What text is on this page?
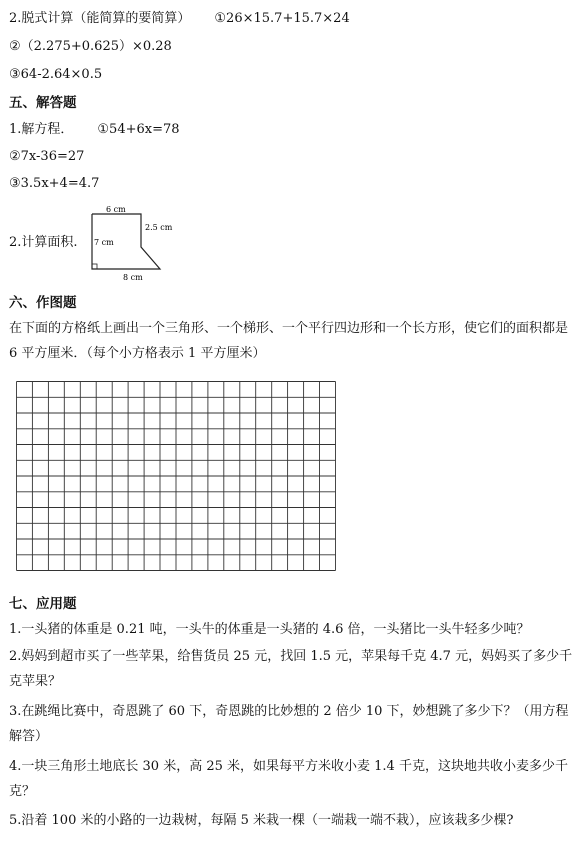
2.脱式计算（能简算的要简算） ①26×15.7+15.7×24
②（2.275+0.625）×0.28
③64-2.64×0.5
五、解答题
1.解方程． ①54+6x=78
②7x-36=27
③3.5x+4=4.7
2.计算面积.
6 cm
2.5 cm
7 cm
8 cm
六、作图题
在下面的方格纸上画出一个三角形、一个梯形、一个平行四边形和一个长方形，使它们的面积都是 6 平方厘米．（每个小方格表示 1 平方厘米）
七、应用题
1.一头猪的体重是 0.21 吨，一头牛的体重是一头猪的 4.6 倍，一头猪比一头牛轻多少吨？
2.妈妈到超市买了一些苹果，给售货员 25 元，找回 1.5 元，苹果每千克 4.7 元，妈妈买了多少千克苹果？
3.在跳绳比赛中，奇恩跳了 60 下，奇恩跳的比妙想的 2 倍少 10 下，妙想跳了多少下？（用方程解答）
4.一块三角形土地底长 30 米，高 25 米，如果每平方米收小麦 1.4 千克，这块地共收小麦多少千克？
5.沿着 100 米的小路的一边栽树，每隔 5 米栽一棵（一端栽一端不栽），应该栽多少棵?
